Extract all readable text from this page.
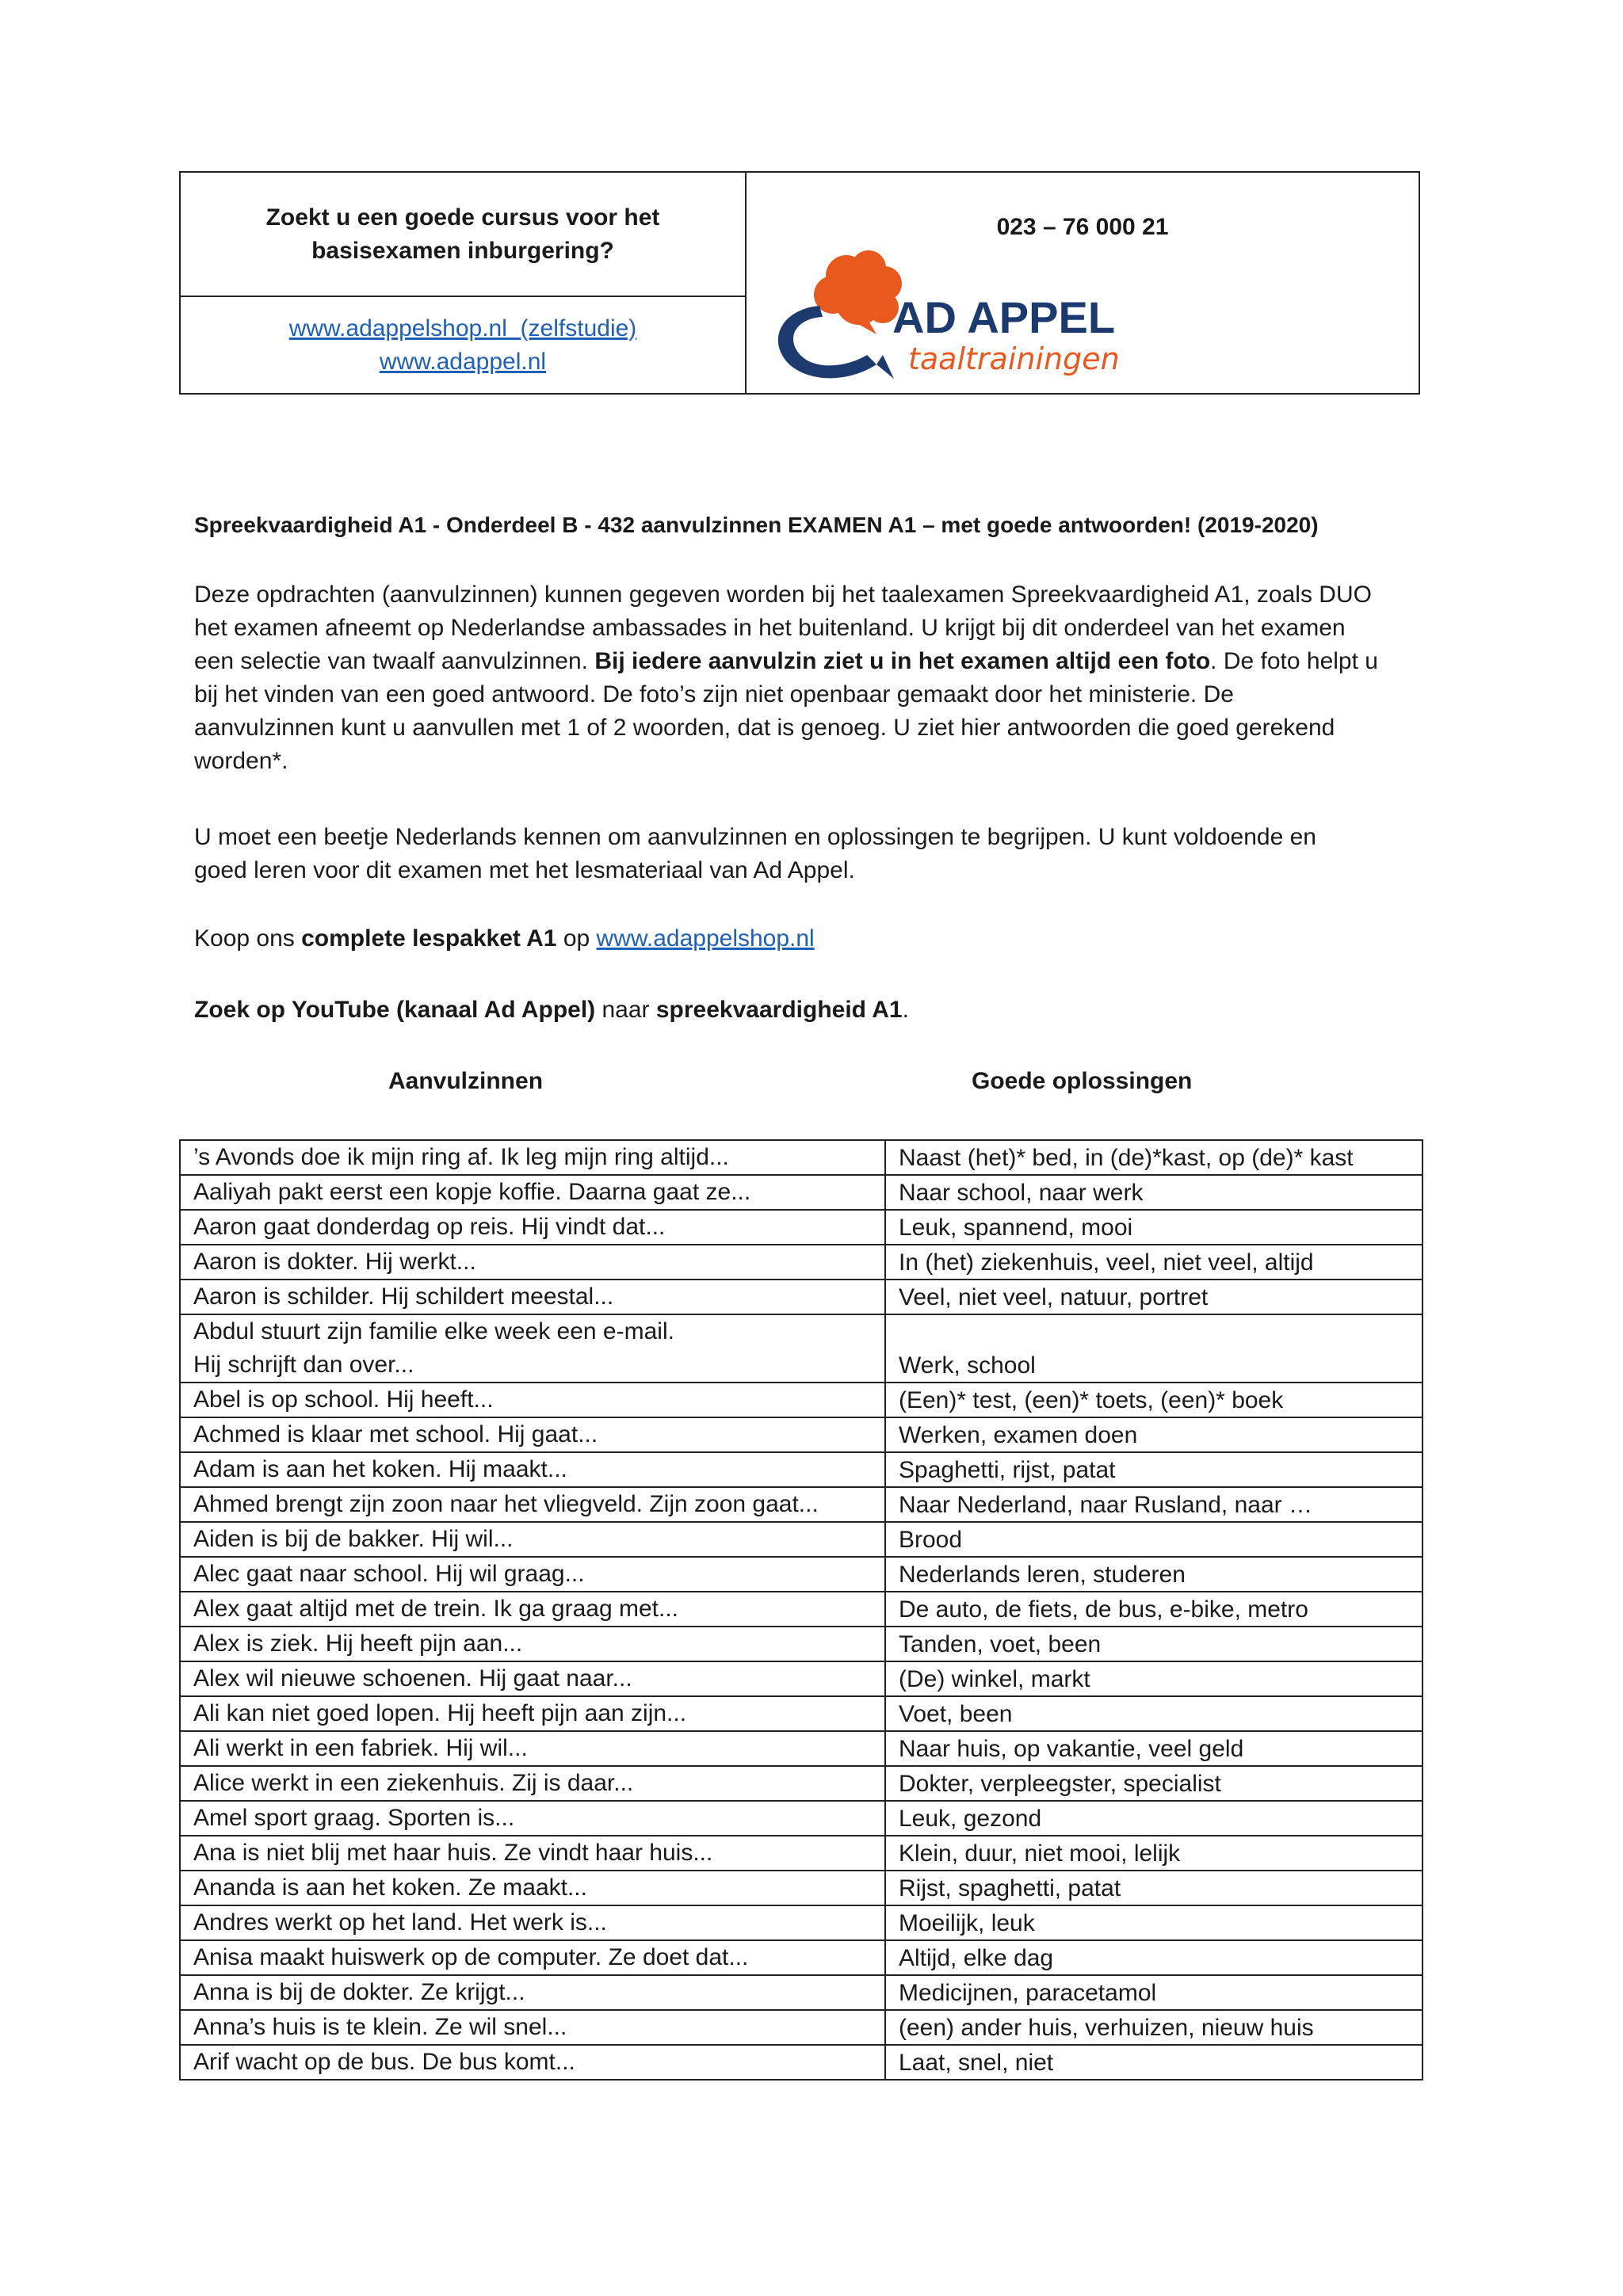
Zoekt u een goede cursus voor het
basisexamen inburgering?
www.adappelshop.nl  (zelfstudie)
www.adappel.nl
023 – 76 000 21
AD APPEL
taaltrainingen
Spreekvaardigheid A1 - Onderdeel B - 432 aanvulzinnen EXAMEN A1 – met goede antwoorden! (2019-2020)
Deze opdrachten (aanvulzinnen) kunnen gegeven worden bij het taalexamen Spreekvaardigheid A1, zoals DUO
het examen afneemt op Nederlandse ambassades in het buitenland. U krijgt bij dit onderdeel van het examen
een selectie van twaalf aanvulzinnen. Bij iedere aanvulzin ziet u in het examen altijd een foto. De foto helpt u
bij het vinden van een goed antwoord. De foto’s zijn niet openbaar gemaakt door het ministerie. De
aanvulzinnen kunt u aanvullen met 1 of 2 woorden, dat is genoeg. U ziet hier antwoorden die goed gerekend
worden*.
U moet een beetje Nederlands kennen om aanvulzinnen en oplossingen te begrijpen. U kunt voldoende en
goed leren voor dit examen met het lesmateriaal van Ad Appel.
Koop ons complete lespakket A1 op www.adappelshop.nl
Zoek op YouTube (kanaal Ad Appel) naar spreekvaardigheid A1.
Aanvulzinnen	Goede oplossingen
’s Avonds doe ik mijn ring af. Ik leg mijn ring altijd...	Naast (het)* bed, in (de)*kast, op (de)* kast

Aaliyah pakt eerst een kopje koffie. Daarna gaat ze...	Naar school, naar werk

Aaron gaat donderdag op reis. Hij vindt dat...	Leuk, spannend, mooi

Aaron is dokter. Hij werkt...	In (het) ziekenhuis, veel, niet veel, altijd

Aaron is schilder. Hij schildert meestal...	Veel, niet veel, natuur, portret

Abdul stuurt zijn familie elke week een e-mail.
Hij schrijft dan over...	Werk, school

Abel is op school. Hij heeft...	(Een)* test, (een)* toets, (een)* boek

Achmed is klaar met school. Hij gaat...	Werken, examen doen

Adam is aan het koken. Hij maakt...	Spaghetti, rijst, patat

Ahmed brengt zijn zoon naar het vliegveld. Zijn zoon gaat...	Naar Nederland, naar Rusland, naar …

Aiden is bij de bakker. Hij wil...	Brood

Alec gaat naar school. Hij wil graag...	Nederlands leren, studeren

Alex gaat altijd met de trein. Ik ga graag met...	De auto, de fiets, de bus, e-bike, metro

Alex is ziek. Hij heeft pijn aan...	Tanden, voet, been

Alex wil nieuwe schoenen. Hij gaat naar...	(De) winkel, markt

Ali kan niet goed lopen. Hij heeft pijn aan zijn...	Voet, been

Ali werkt in een fabriek. Hij wil...	Naar huis, op vakantie, veel geld

Alice werkt in een ziekenhuis. Zij is daar...	Dokter, verpleegster, specialist

Amel sport graag. Sporten is...	Leuk, gezond

Ana is niet blij met haar huis. Ze vindt haar huis...	Klein, duur, niet mooi, lelijk

Ananda is aan het koken. Ze maakt...	Rijst, spaghetti, patat

Andres werkt op het land. Het werk is...	Moeilijk, leuk

Anisa maakt huiswerk op de computer. Ze doet dat...	Altijd, elke dag

Anna is bij de dokter. Ze krijgt...	Medicijnen, paracetamol

Anna’s huis is te klein. Ze wil snel...	(een) ander huis, verhuizen, nieuw huis

Arif wacht op de bus. De bus komt...	Laat, snel, niet
